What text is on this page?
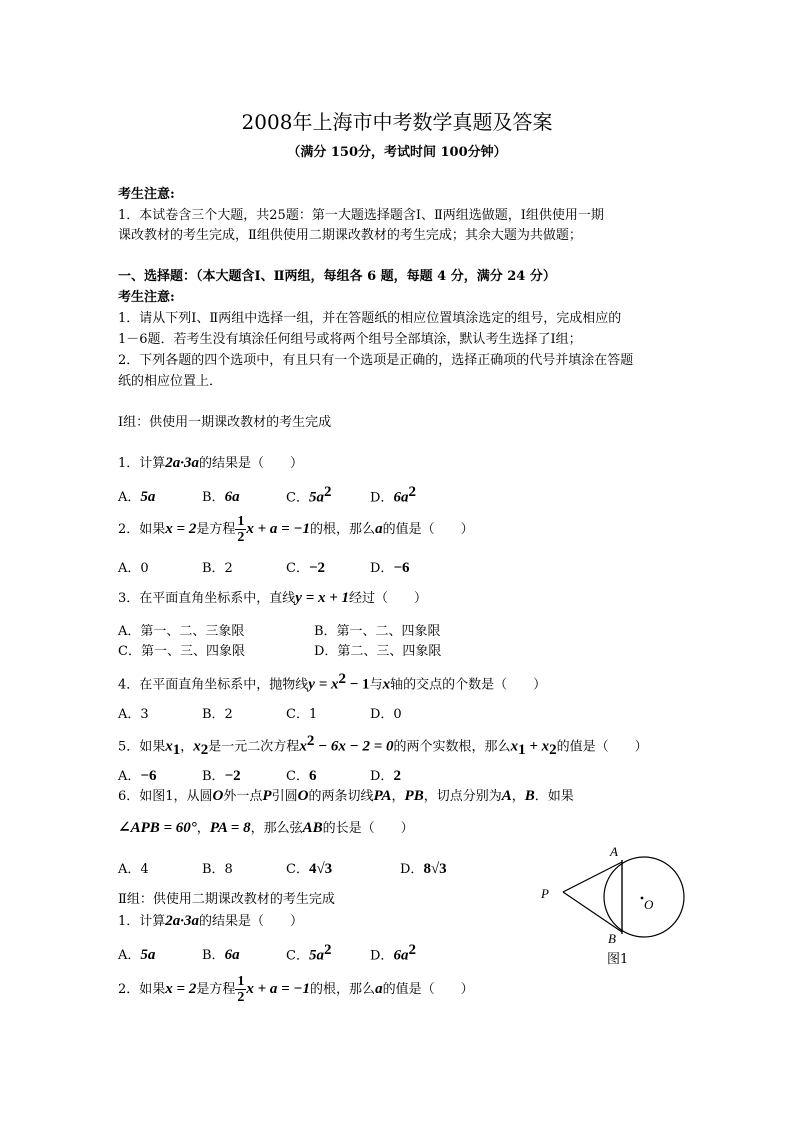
2008年上海市中考数学真题及答案
（满分 150分，考试时间 100分钟）
考生注意:
1．本试卷含三个大题，共25题：第一大题选择题含Ⅰ、Ⅱ两组选做题，Ⅰ组供使用一期
课改教材的考生完成，Ⅱ组供使用二期课改教材的考生完成；其余大题为共做题；
一、选择题：（本大题含Ⅰ、Ⅱ两组，每组各 6 题，每题 4 分，满分 24 分）
考生注意:
1．请从下列Ⅰ、Ⅱ两组中选择一组，并在答题纸的相应位置填涂选定的组号，完成相应的
1－6题．若考生没有填涂任何组号或将两个组号全部填涂，默认考生选择了Ⅰ组；
2．下列各题的四个选项中，有且只有一个选项是正确的，选择正确项的代号并填涂在答题
纸的相应位置上．
Ⅰ组：供使用一期课改教材的考生完成
1．计算2a·3a的结果是（　　）
A．5a	B．6a	C．$5a^2$	D．$6a^2$
2．如果x = 2是方程 $\frac{1}{2}$ x + a = −1的根，那么a的值是（　　）
A．0	B．2	C．−2	D．−6
3．在平面直角坐标系中，直线y = x + 1经过（　　）
A．第一、二、三象限	B．第一、二、四象限
C．第一、三、四象限	D．第二、三、四象限
4．在平面直角坐标系中，抛物线$y = x^2 - 1$与x轴的交点的个数是（　　）
A．3	B．2	C．1	D．0
5．如果$x_1$，$x_2$是一元二次方程$x^2 - 6x - 2 = 0$的两个实数根，那么$x_1 + x_2$的值是（　　）
A．−6	B．−2	C．6	D．2
6．如图1，从圆O外一点P引圆O的两条切线PA，PB，切点分别为A，B．如果
∠APB = 60°，PA = 8，那么弦AB的长是（　　）
A．4	B．8	C．4√3	D．8√3
Ⅱ组：供使用二期课改教材的考生完成
1．计算2a·3a的结果是（　　）
A．5a	B．6a	C．$5a^2$	D．$6a^2$
2．如果x = 2是方程 $\frac{1}{2}$ x + a = −1的根，那么a的值是（　　）
A
B
P
O
图1
